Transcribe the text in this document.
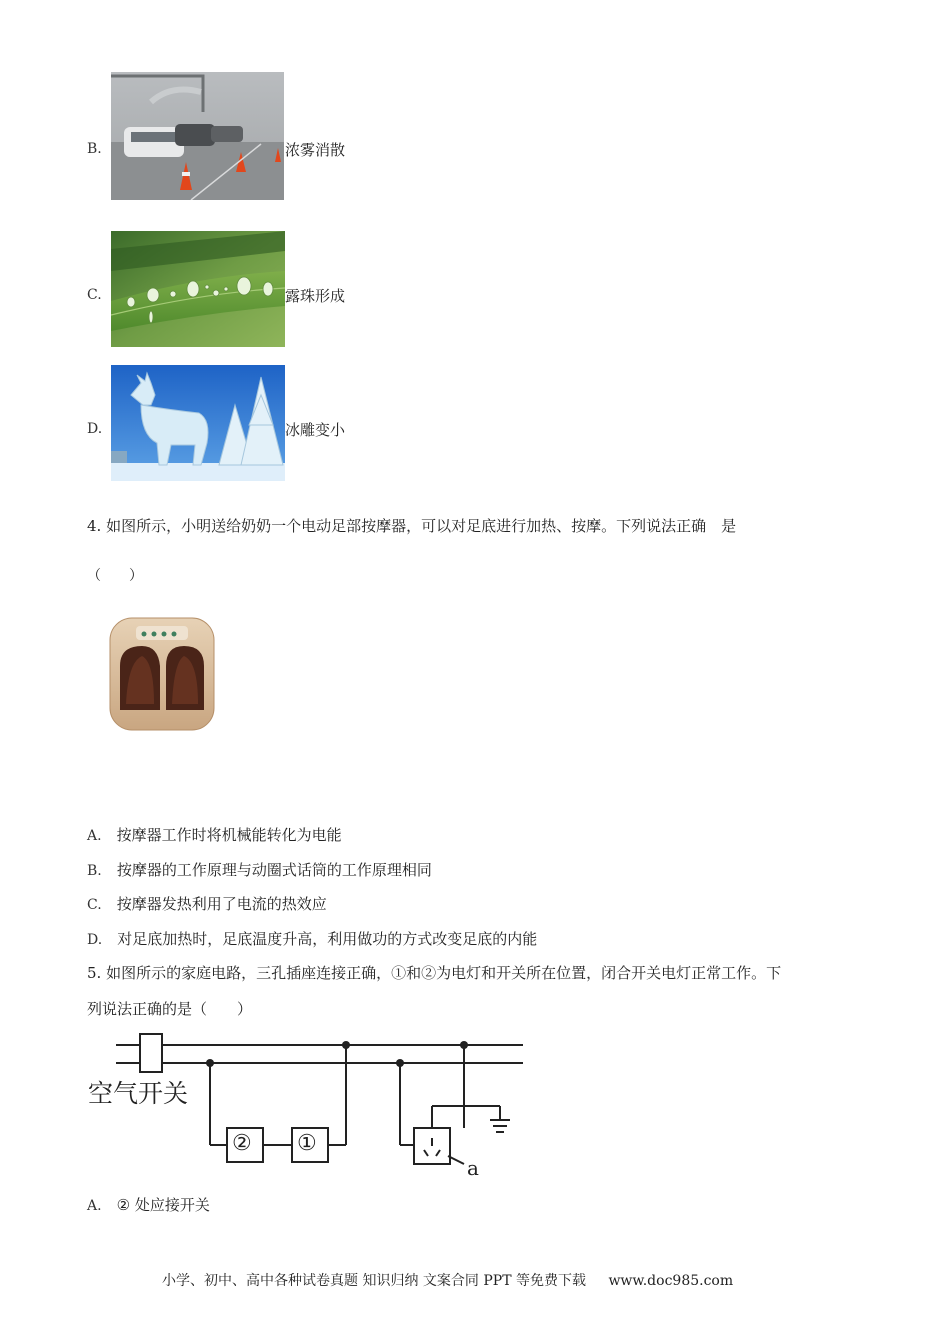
B.	浓雾消散
C.	露珠形成
D.	冰雕变小
4. 如图所示，小明送给奶奶一个电动足部按摩器，可以对足底进行加热、按摩。下列说法正确　是
（　　）
A. 按摩器工作时将机械能转化为电能
B. 按摩器的工作原理与动圈式话筒的工作原理相同
C. 按摩器发热利用了电流的热效应
D. 对足底加热时，足底温度升高，利用做功的方式改变足底的内能
5. 如图所示的家庭电路，三孔插座连接正确，①和②为电灯和开关所在位置，闭合开关电灯正常工作。下
列说法正确的是（　　）
空气开关
② ①
a
A. ② 处应接开关
小学、初中、高中各种试卷真题 知识归纳 文案合同 PPT 等免费下载 www.doc985.com
